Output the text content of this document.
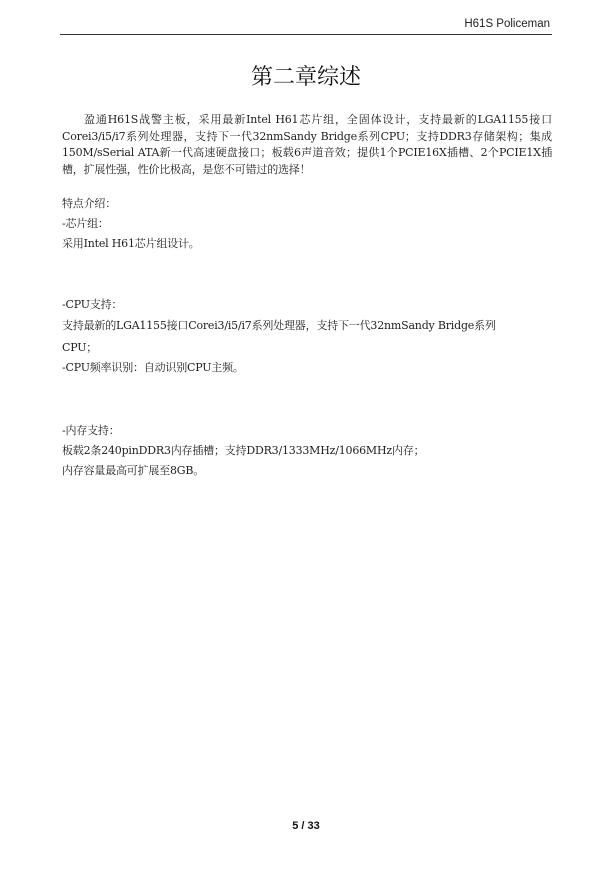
H61S Policeman
第二章综述

盈通H61S战警主板，采用最新Intel H61芯片组，全固体设计，支持最新的LGA1155接口Corei3/i5/i7系列处理器，支持下一代32nmSandy Bridge系列CPU；支持DDR3存储架构；集成150M/sSerial ATA新一代高速硬盘接口；板载6声道音效；提供1个PCIE16X插槽、2个PCIE1X插槽，扩展性强，性价比极高，是您不可错过的选择！

特点介绍：
-芯片组：
采用Intel H61芯片组设计。
-CPU支持：
支持最新的LGA1155接口Corei3/i5/i7系列处理器，支持下一代32nmSandy Bridge系列
CPU；
-CPU频率识别：自动识别CPU主频。
-内存支持：
板载2条240pinDDR3内存插槽；支持DDR3/1333MHz/1066MHz内存；
内存容量最高可扩展至8GB。
5 / 33
